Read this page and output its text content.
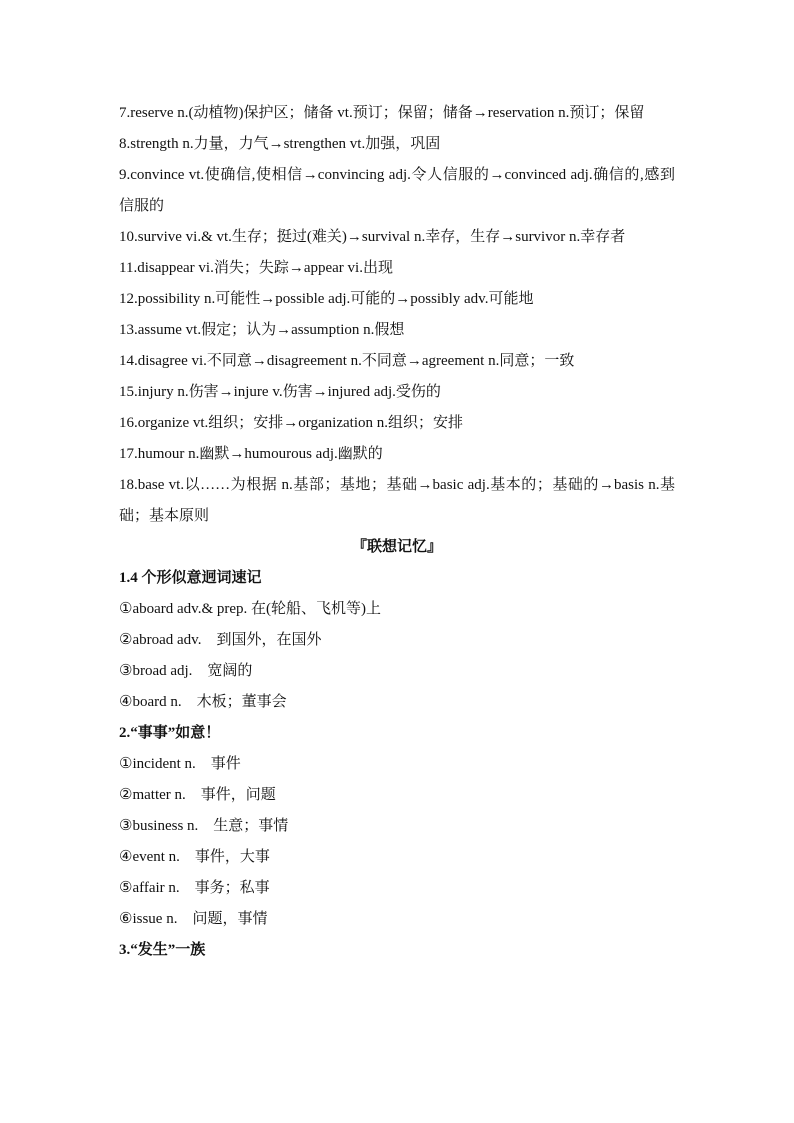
7.reserve n.(动植物)保护区；储备 vt.预订；保留；储备→reservation n.预订；保留
8.strength n.力量，力气→strengthen vt.加强，巩固
9.convince vt.使确信,使相信→convincing adj.令人信服的→convinced adj.确信的,感到信服的
10.survive vi.& vt.生存；挺过(难关)→survival n.幸存，生存→survivor n.幸存者
11.disappear vi.消失；失踪→appear vi.出现
12.possibility n.可能性→possible adj.可能的→possibly adv.可能地
13.assume vt.假定；认为→assumption n.假想
14.disagree vi.不同意→disagreement n.不同意→agreement n.同意；一致
15.injury n.伤害→injure v.伤害→injured adj.受伤的
16.organize vt.组织；安排→organization n.组织；安排
17.humour n.幽默→humourous adj.幽默的
18.base vt.以……为根据 n.基部；基地；基础→basic adj.基本的；基础的→basis n.基础；基本原则
『联想记忆』
1.4 个形似意迥词速记
①aboard adv.& prep. 在(轮船、飞机等)上
②abroad adv.　到国外，在国外
③broad adj.　宽阔的
④board n.　木板；董事会
2.“事事”如意！
①incident n.　事件
②matter n.　事件，问题
③business n.　生意；事情
④event n.　事件，大事
⑤affair n.　事务；私事
⑥issue n.　问题，事情
3.“发生”一族
